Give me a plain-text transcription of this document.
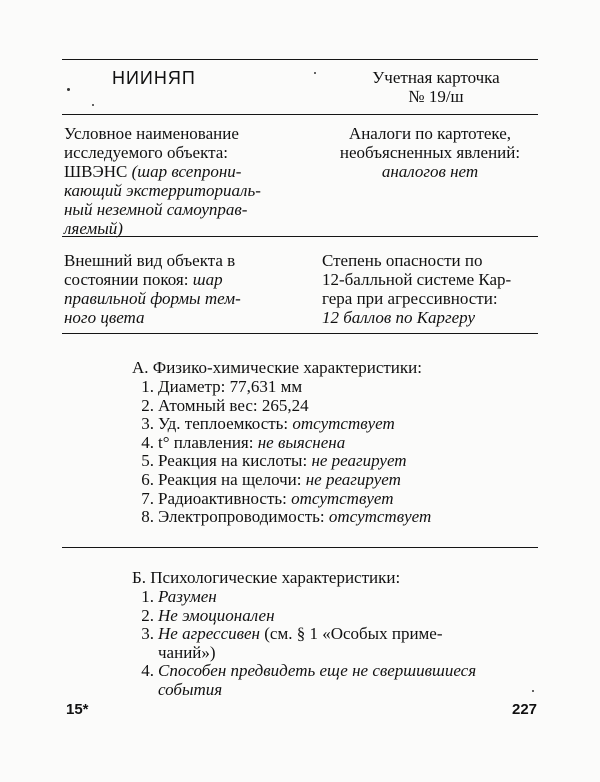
НИИНЯП	Учетная карточка
№ 19/ш
Условное наименование
исследуемого объекта:
ШВЭНС (шар всепрони-
кающий экстерриториаль-
ный неземной самоуправ-
ляемый)
Аналоги по картотеке,
необъясненных явлений:
аналогов нет
Внешний вид объекта в
состоянии покоя: шар
правильной формы тем-
ного цвета
Степень опасности по
12-балльной системе Кар-
гера при агрессивности:
12 баллов по Каргеру
А. Физико-химические характеристики:
1. Диаметр: 77,631 мм
2. Атомный вес: 265,24
3. Уд. теплоемкость:
отсутствует
4. t° плавления:
не выяснена
5. Реакция на кислоты:
не реагирует
6. Реакция на щелочи:
не реагирует
7. Радиоактивность:
отсутствует
8. Электропроводимость:
отсутствует
Б. Психологические характеристики:
1. Разумен
2. Не эмоционален
3. Не агрессивен
(см. § 1 «Особых приме-
чаний»)
4. Способен предвидеть еще не свершившиеся
события
15*	227
